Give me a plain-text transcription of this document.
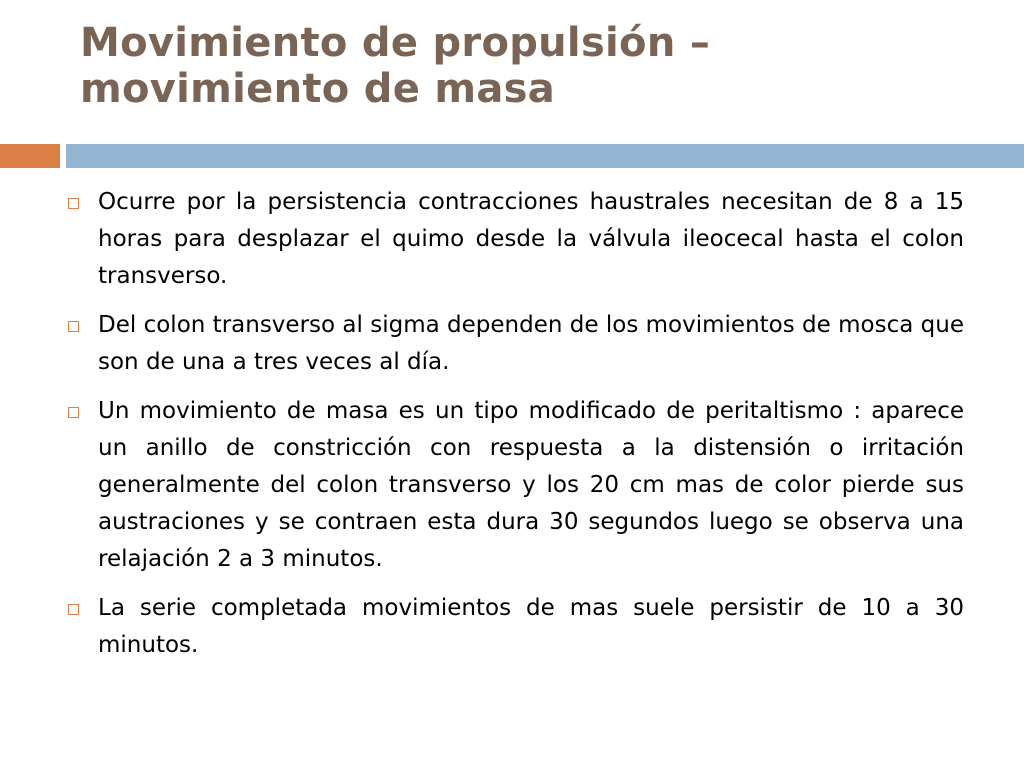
Movimiento de propulsión –
movimiento de masa
Ocurre por la persistencia contracciones haustrales necesitan de 8 a 15 horas para desplazar el quimo desde la válvula ileocecal hasta el colon transverso.
Del colon transverso al sigma dependen de los movimientos de mosca que son de una a tres veces al día.
Un movimiento de masa es un tipo modificado de peritaltismo : aparece un anillo de constricción con respuesta a la distensión o irritación generalmente del colon transverso y los 20 cm mas de color pierde sus austraciones y se contraen esta dura 30 segundos luego se observa una relajación 2 a 3 minutos.
La serie completada movimientos de mas suele persistir de 10 a 30 minutos.
